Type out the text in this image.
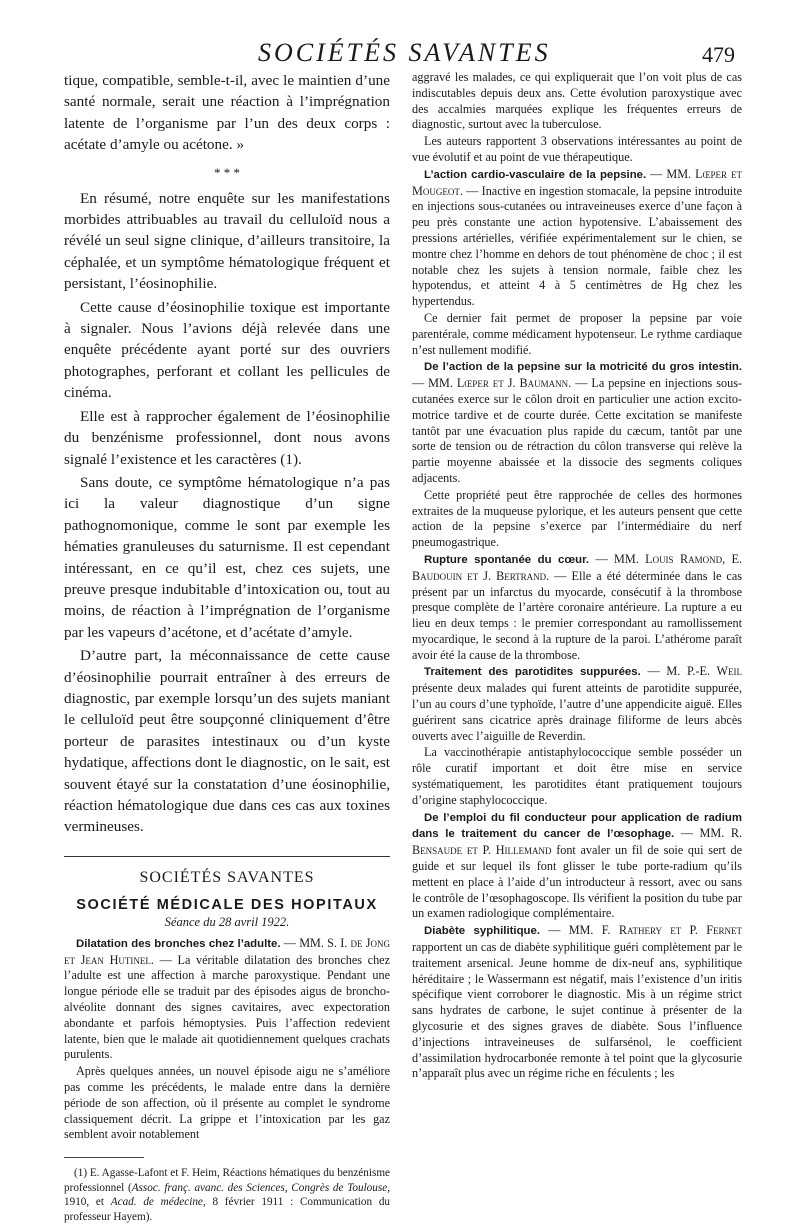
SOCIÉTÉS SAVANTES	479

tique, compatible, semble-t-il, avec le maintien d’une santé normale, serait une réaction à l’imprégnation latente de l’organisme par l’un des deux corps : acétate d’amyle ou acétone. »

* * *

En résumé, notre enquête sur les manifestations morbides attribuables au travail du celluloïd nous a révélé un seul signe clinique, d’ailleurs transitoire, la céphalée, et un symptôme hématologique fréquent et persistant, l’éosinophilie.

Cette cause d’éosinophilie toxique est importante à signaler. Nous l’avions déjà relevée dans une enquête précédente ayant porté sur des ouvriers photographes, perforant et collant les pellicules de cinéma.

Elle est à rapprocher également de l’éosinophilie du benzénisme professionnel, dont nous avons signalé l’existence et les caractères (1).

Sans doute, ce symptôme hématologique n’a pas ici la valeur diagnostique d’un signe pathognomonique, comme le sont par exemple les hématies granuleuses du saturnisme. Il est cependant intéressant, en ce qu’il est, chez ces sujets, une preuve presque indubitable d’intoxication ou, tout au moins, de réaction à l’imprégnation de l’organisme par les vapeurs d’acétone, et d’acétate d’amyle.

D’autre part, la méconnaissance de cette cause d’éosinophilie pourrait entraîner à des erreurs de diagnostic, par exemple lorsqu’un des sujets maniant le celluloïd peut être soupçonné cliniquement d’être porteur de parasites intestinaux ou d’un kyste hydatique, affections dont le diagnostic, on le sait, est souvent étayé sur la constatation d’une éosinophilie, réaction hématologique due dans ces cas aux toxines vermineuses.

SOCIÉTÉS SAVANTES
SOCIÉTÉ MÉDICALE DES HOPITAUX
Séance du 28 avril 1922.

Dilatation des bronches chez l’adulte. — MM. S. I. de Jong et Jean Hutinel. — La véritable dilatation des bronches chez l’adulte est une affection à marche paroxystique. Pendant une longue période elle se traduit par des épisodes aigus de broncho-alvéolite donnant des signes cavitaires, avec expectoration abondante et parfois hémoptysies. Puis l’affection redevient latente, bien que le malade ait quotidiennement quelques crachats purulents.

Après quelques années, un nouvel épisode aigu ne s’améliore pas comme les précédents, le malade entre dans la dernière période de son affection, où il présente au complet le syndrome classiquement décrit. La grippe et l’intoxication par les gaz semblent avoir notablement

(1) E. Agasse-Lafont et F. Heim, Réactions hématiques du benzénisme professionnel (Assoc. franç. avanc. des Sciences, Congrès de Toulouse, 1910, et Acad. de médecine, 8 février 1911 : Communication du professeur Hayem).

aggravé les malades, ce qui expliquerait que l’on voit plus de cas indiscutables depuis deux ans. Cette évolution paroxystique avec des accalmies marquées explique les fréquentes erreurs de diagnostic, surtout avec la tuberculose.

Les auteurs rapportent 3 observations intéressantes au point de vue évolutif et au point de vue thérapeutique.

L’action cardio-vasculaire de la pepsine. — MM. Lœper et Mougeot. — Inactive en ingestion stomacale, la pepsine introduite en injections sous-cutanées ou intraveineuses exerce d’une façon à peu près constante une action hypotensive. L’abaissement des pressions artérielles, vérifiée expérimentalement sur le chien, se montre chez l’homme en dehors de tout phénomène de choc ; il est notable chez les sujets à tension normale, faible chez les hypotendus, et atteint 4 à 5 centimètres de Hg chez les hypertendus.

Ce dernier fait permet de proposer la pepsine par voie parentérale, comme médicament hypotenseur. Le rythme cardiaque n’est nullement modifié.

De l’action de la pepsine sur la motricité du gros intestin. — MM. Lœper et J. Baumann. — La pepsine en injections sous-cutanées exerce sur le côlon droit en particulier une action excito-motrice tardive et de courte durée. Cette excitation se manifeste tantôt par une évacuation plus rapide du cæcum, tantôt par une sorte de tension ou de rétraction du côlon transverse qui relève la partie moyenne abaissée et la dissocie des segments coliques adjacents.

Cette propriété peut être rapprochée de celles des hormones extraites de la muqueuse pylorique, et les auteurs pensent que cette action de la pepsine s’exerce par l’intermédiaire du nerf pneumogastrique.

Rupture spontanée du cœur. — MM. Louis Ramond, E. Baudouin et J. Bertrand. — Elle a été déterminée dans le cas présent par un infarctus du myocarde, consécutif à la thrombose presque complète de l’artère coronaire antérieure. La rupture a eu lieu en deux temps : le premier correspondant au ramollissement myocardique, le second à la rupture de la paroi. L’athérome paraît avoir été la cause de la thrombose.

Traitement des parotidites suppurées. — M. P.-E. Weil présente deux malades qui furent atteints de parotidite suppurée, l’un au cours d’une typhoïde, l’autre d’une appendicite aiguë. Elles guérirent sans cicatrice après drainage filiforme de leurs abcès ouverts avec l’aiguille de Reverdin.

La vaccinothérapie antistaphylococcique semble posséder un rôle curatif important et doit être mise en service systématiquement, les parotidites étant pratiquement toujours d’origine staphylococcique.

De l’emploi du fil conducteur pour application de radium dans le traitement du cancer de l’œsophage. — MM. R. Bensaude et P. Hillemand font avaler un fil de soie qui sert de guide et sur lequel ils font glisser le tube porte-radium qu’ils mettent en place à l’aide d’un introducteur à ressort, avec ou sans le contrôle de l’œsophagoscope. Ils vérifient la position du tube par un examen radiologique complémentaire.

Diabète syphilitique. — MM. F. Rathery et P. Fernet rapportent un cas de diabète syphilitique guéri complètement par le traitement arsenical. Jeune homme de dix-neuf ans, syphilitique héréditaire ; le Wassermann est négatif, mais l’existence d’un iritis spécifique vient corroborer le diagnostic. Mis à un régime strict sans hydrates de carbone, le sujet continue à présenter de la glycosurie et des signes graves de diabète. Sous l’influence d’injections intraveineuses de sulfarsénol, le coefficient d’assimilation hydrocarbonée remonte à tel point que la glycosurie n’apparaît plus avec un régime riche en féculents ; les
